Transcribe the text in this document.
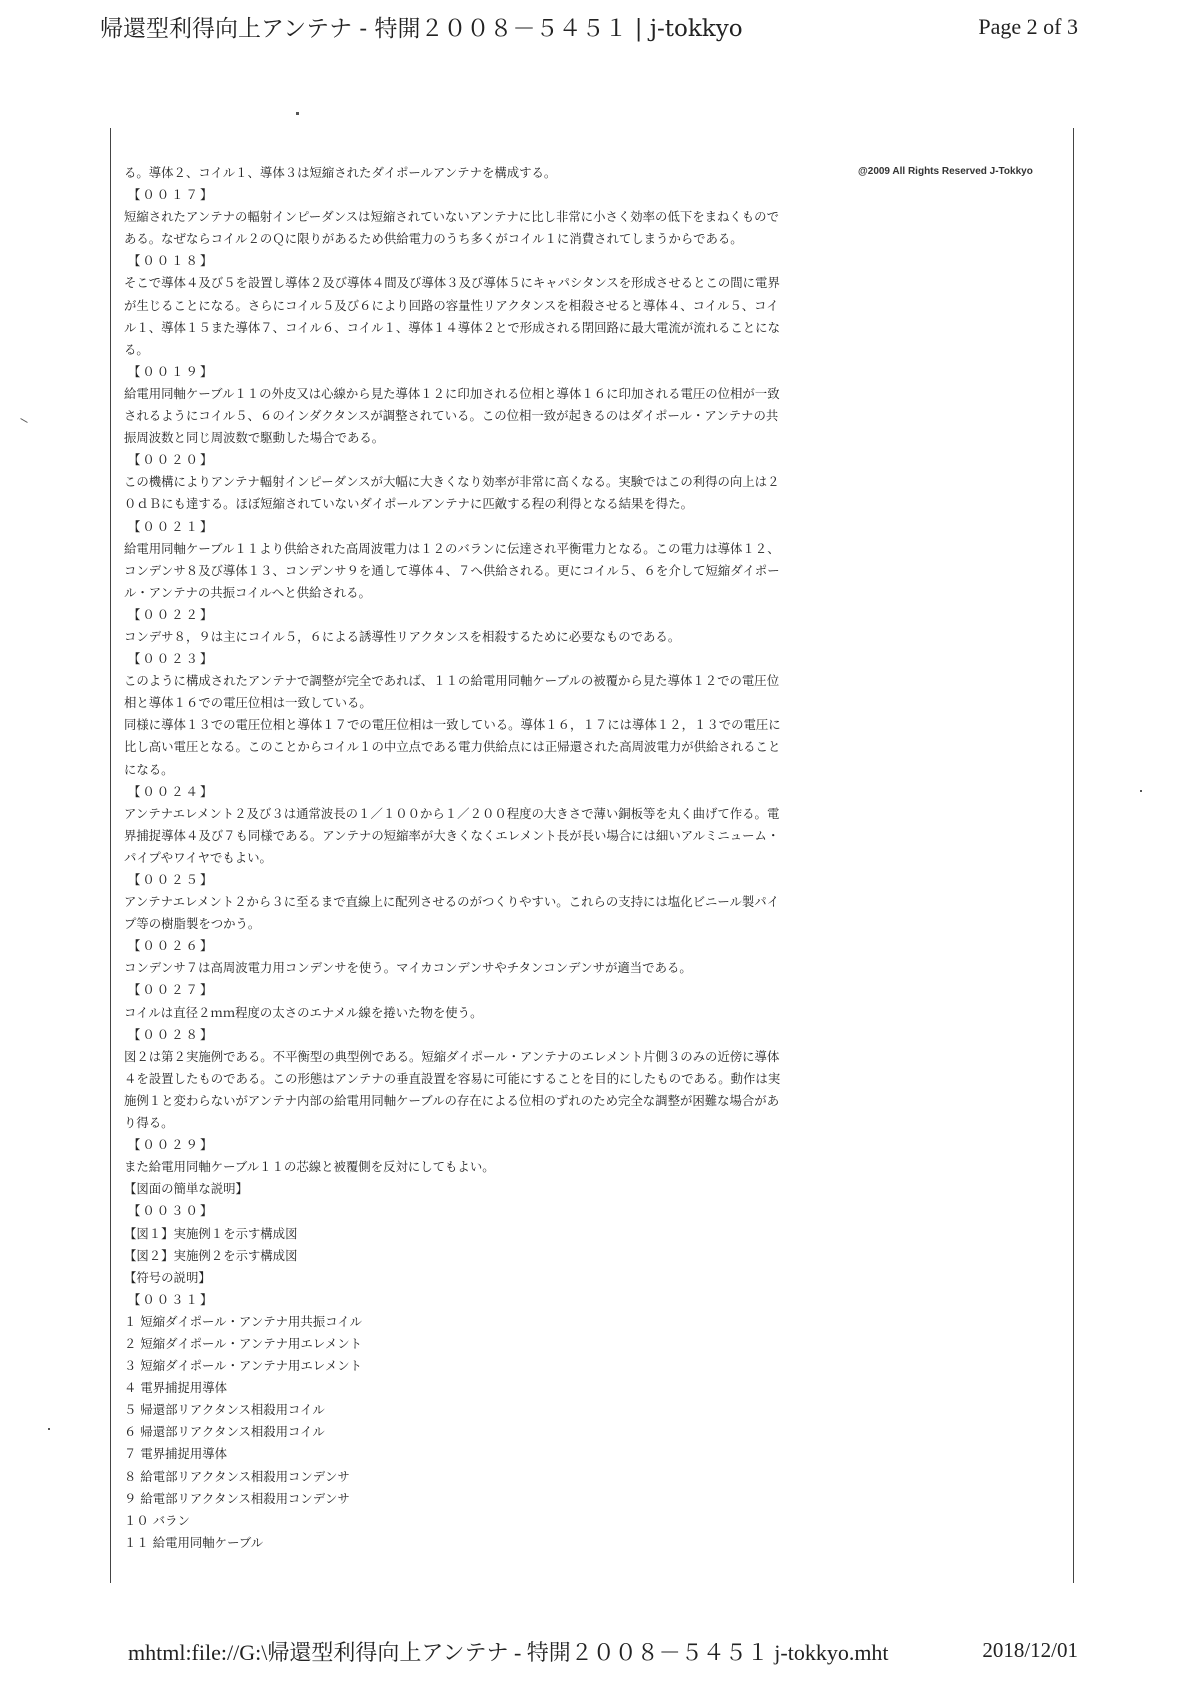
帰還型利得向上アンテナ - 特開２００８－５４５１ | j-tokkyo	Page 2 of 3
@2009 All Rights Reserved J-Tokkyo
る。導体２、コイル１、導体３は短縮されたダイポールアンテナを構成する。
【００１７】
短縮されたアンテナの輻射インピーダンスは短縮されていないアンテナに比し非常に小さく効率の低下をまねくもので
ある。なぜならコイル２のＱに限りがあるため供給電力のうち多くがコイル１に消費されてしまうからである。
【００１８】
そこで導体４及び５を設置し導体２及び導体４間及び導体３及び導体５にキャパシタンスを形成させるとこの間に電界
が生じることになる。さらにコイル５及び６により回路の容量性リアクタンスを相殺させると導体４、コイル５、コイ
ル１、導体１５また導体７、コイル６、コイル１、導体１４導体２とで形成される閉回路に最大電流が流れることにな
る。
【００１９】
給電用同軸ケーブル１１の外皮又は心線から見た導体１２に印加される位相と導体１６に印加される電圧の位相が一致
されるようにコイル５、６のインダクタンスが調整されている。この位相一致が起きるのはダイポール・アンテナの共
振周波数と同じ周波数で駆動した場合である。
【００２０】
この機構によりアンテナ輻射インピーダンスが大幅に大きくなり効率が非常に高くなる。実験ではこの利得の向上は２
０ｄＢにも達する。ほぼ短縮されていないダイポールアンテナに匹敵する程の利得となる結果を得た。
【００２１】
給電用同軸ケーブル１１より供給された高周波電力は１２のバランに伝達され平衡電力となる。この電力は導体１２、
コンデンサ８及び導体１３、コンデンサ９を通して導体４、７へ供給される。更にコイル５、６を介して短縮ダイポー
ル・アンテナの共振コイルへと供給される。
【００２２】
コンデサ８，９は主にコイル５，６による誘導性リアクタンスを相殺するために必要なものである。
【００２３】
このように構成されたアンテナで調整が完全であれば、１１の給電用同軸ケーブルの被覆から見た導体１２での電圧位
相と導体１６での電圧位相は一致している。
同様に導体１３での電圧位相と導体１７での電圧位相は一致している。導体１６，１７には導体１２，１３での電圧に
比し高い電圧となる。このことからコイル１の中立点である電力供給点には正帰還された高周波電力が供給されること
になる。
【００２４】
アンテナエレメント２及び３は通常波長の１／１００から１／２００程度の大きさで薄い銅板等を丸く曲げて作る。電
界捕捉導体４及び７も同様である。アンテナの短縮率が大きくなくエレメント長が長い場合には細いアルミニューム・
パイプやワイヤでもよい。
【００２５】
アンテナエレメント２から３に至るまで直線上に配列させるのがつくりやすい。これらの支持には塩化ビニール製パイ
プ等の樹脂製をつかう。
【００２６】
コンデンサ７は高周波電力用コンデンサを使う。マイカコンデンサやチタンコンデンサが適当である。
【００２７】
コイルは直径２ｍｍ程度の太さのエナメル線を捲いた物を使う。
【００２８】
図２は第２実施例である。不平衡型の典型例である。短縮ダイポール・アンテナのエレメント片側３のみの近傍に導体
４を設置したものである。この形態はアンテナの垂直設置を容易に可能にすることを目的にしたものである。動作は実
施例１と変わらないがアンテナ内部の給電用同軸ケーブルの存在による位相のずれのため完全な調整が困難な場合があ
り得る。
【００２９】
また給電用同軸ケーブル１１の芯線と被覆側を反対にしてもよい。
【図面の簡単な説明】
【００３０】
【図１】実施例１を示す構成図
【図２】実施例２を示す構成図
【符号の説明】
【００３１】
１ 短縮ダイポール・アンテナ用共振コイル
２ 短縮ダイポール・アンテナ用エレメント
３ 短縮ダイポール・アンテナ用エレメント
４ 電界捕捉用導体
５ 帰還部リアクタンス相殺用コイル
６ 帰還部リアクタンス相殺用コイル
７ 電界捕捉用導体
８ 給電部リアクタンス相殺用コンデンサ
９ 給電部リアクタンス相殺用コンデンサ
１０ バラン
１１ 給電用同軸ケーブル
mhtml:file://G:\帰還型利得向上アンテナ - 特開２００８－５４５１ j-tokkyo.mht	2018/12/01
